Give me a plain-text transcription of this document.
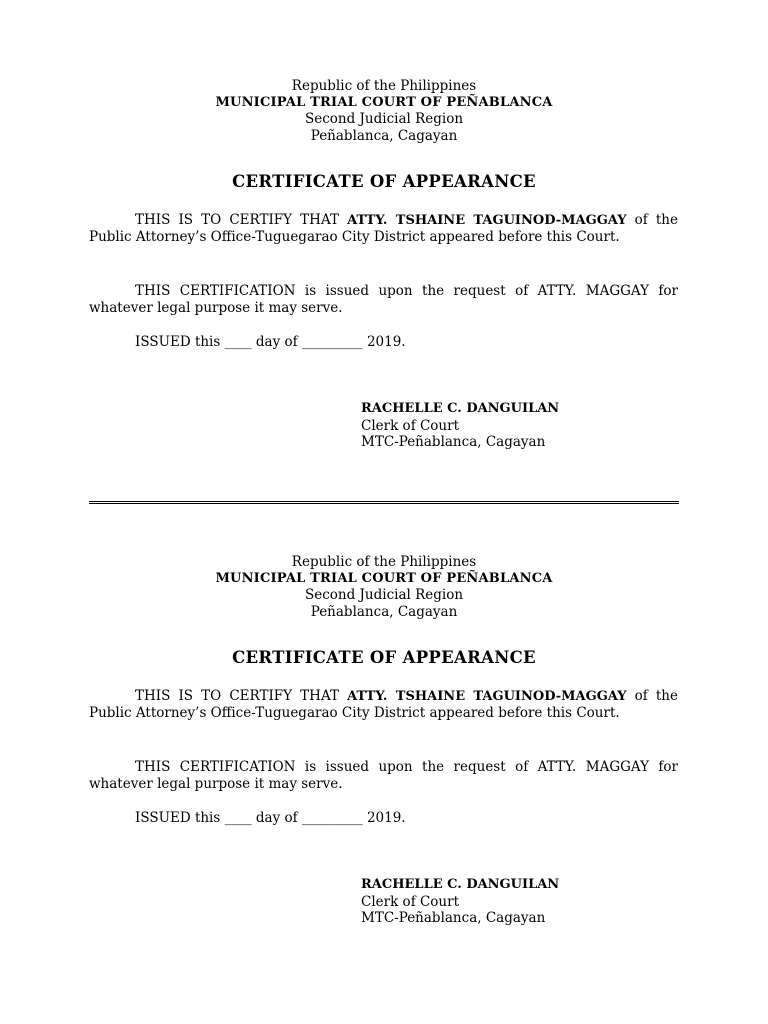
Republic of the Philippines
MUNICIPAL TRIAL COURT OF PEÑABLANCA
Second Judicial Region
Peñablanca, Cagayan
CERTIFICATE OF APPEARANCE
THIS IS TO CERTIFY THAT ATTY. TSHAINE TAGUINOD-MAGGAY of the Public Attorney’s Office-Tuguegarao City District appeared before this Court.
THIS CERTIFICATION is issued upon the request of ATTY. MAGGAY for whatever legal purpose it may serve.
ISSUED this ____ day of _________ 2019.
RACHELLE C. DANGUILAN
Clerk of Court
MTC-Peñablanca, Cagayan
Republic of the Philippines
MUNICIPAL TRIAL COURT OF PEÑABLANCA
Second Judicial Region
Peñablanca, Cagayan
CERTIFICATE OF APPEARANCE
THIS IS TO CERTIFY THAT ATTY. TSHAINE TAGUINOD-MAGGAY of the Public Attorney’s Office-Tuguegarao City District appeared before this Court.
THIS CERTIFICATION is issued upon the request of ATTY. MAGGAY for whatever legal purpose it may serve.
ISSUED this ____ day of _________ 2019.
RACHELLE C. DANGUILAN
Clerk of Court
MTC-Peñablanca, Cagayan
